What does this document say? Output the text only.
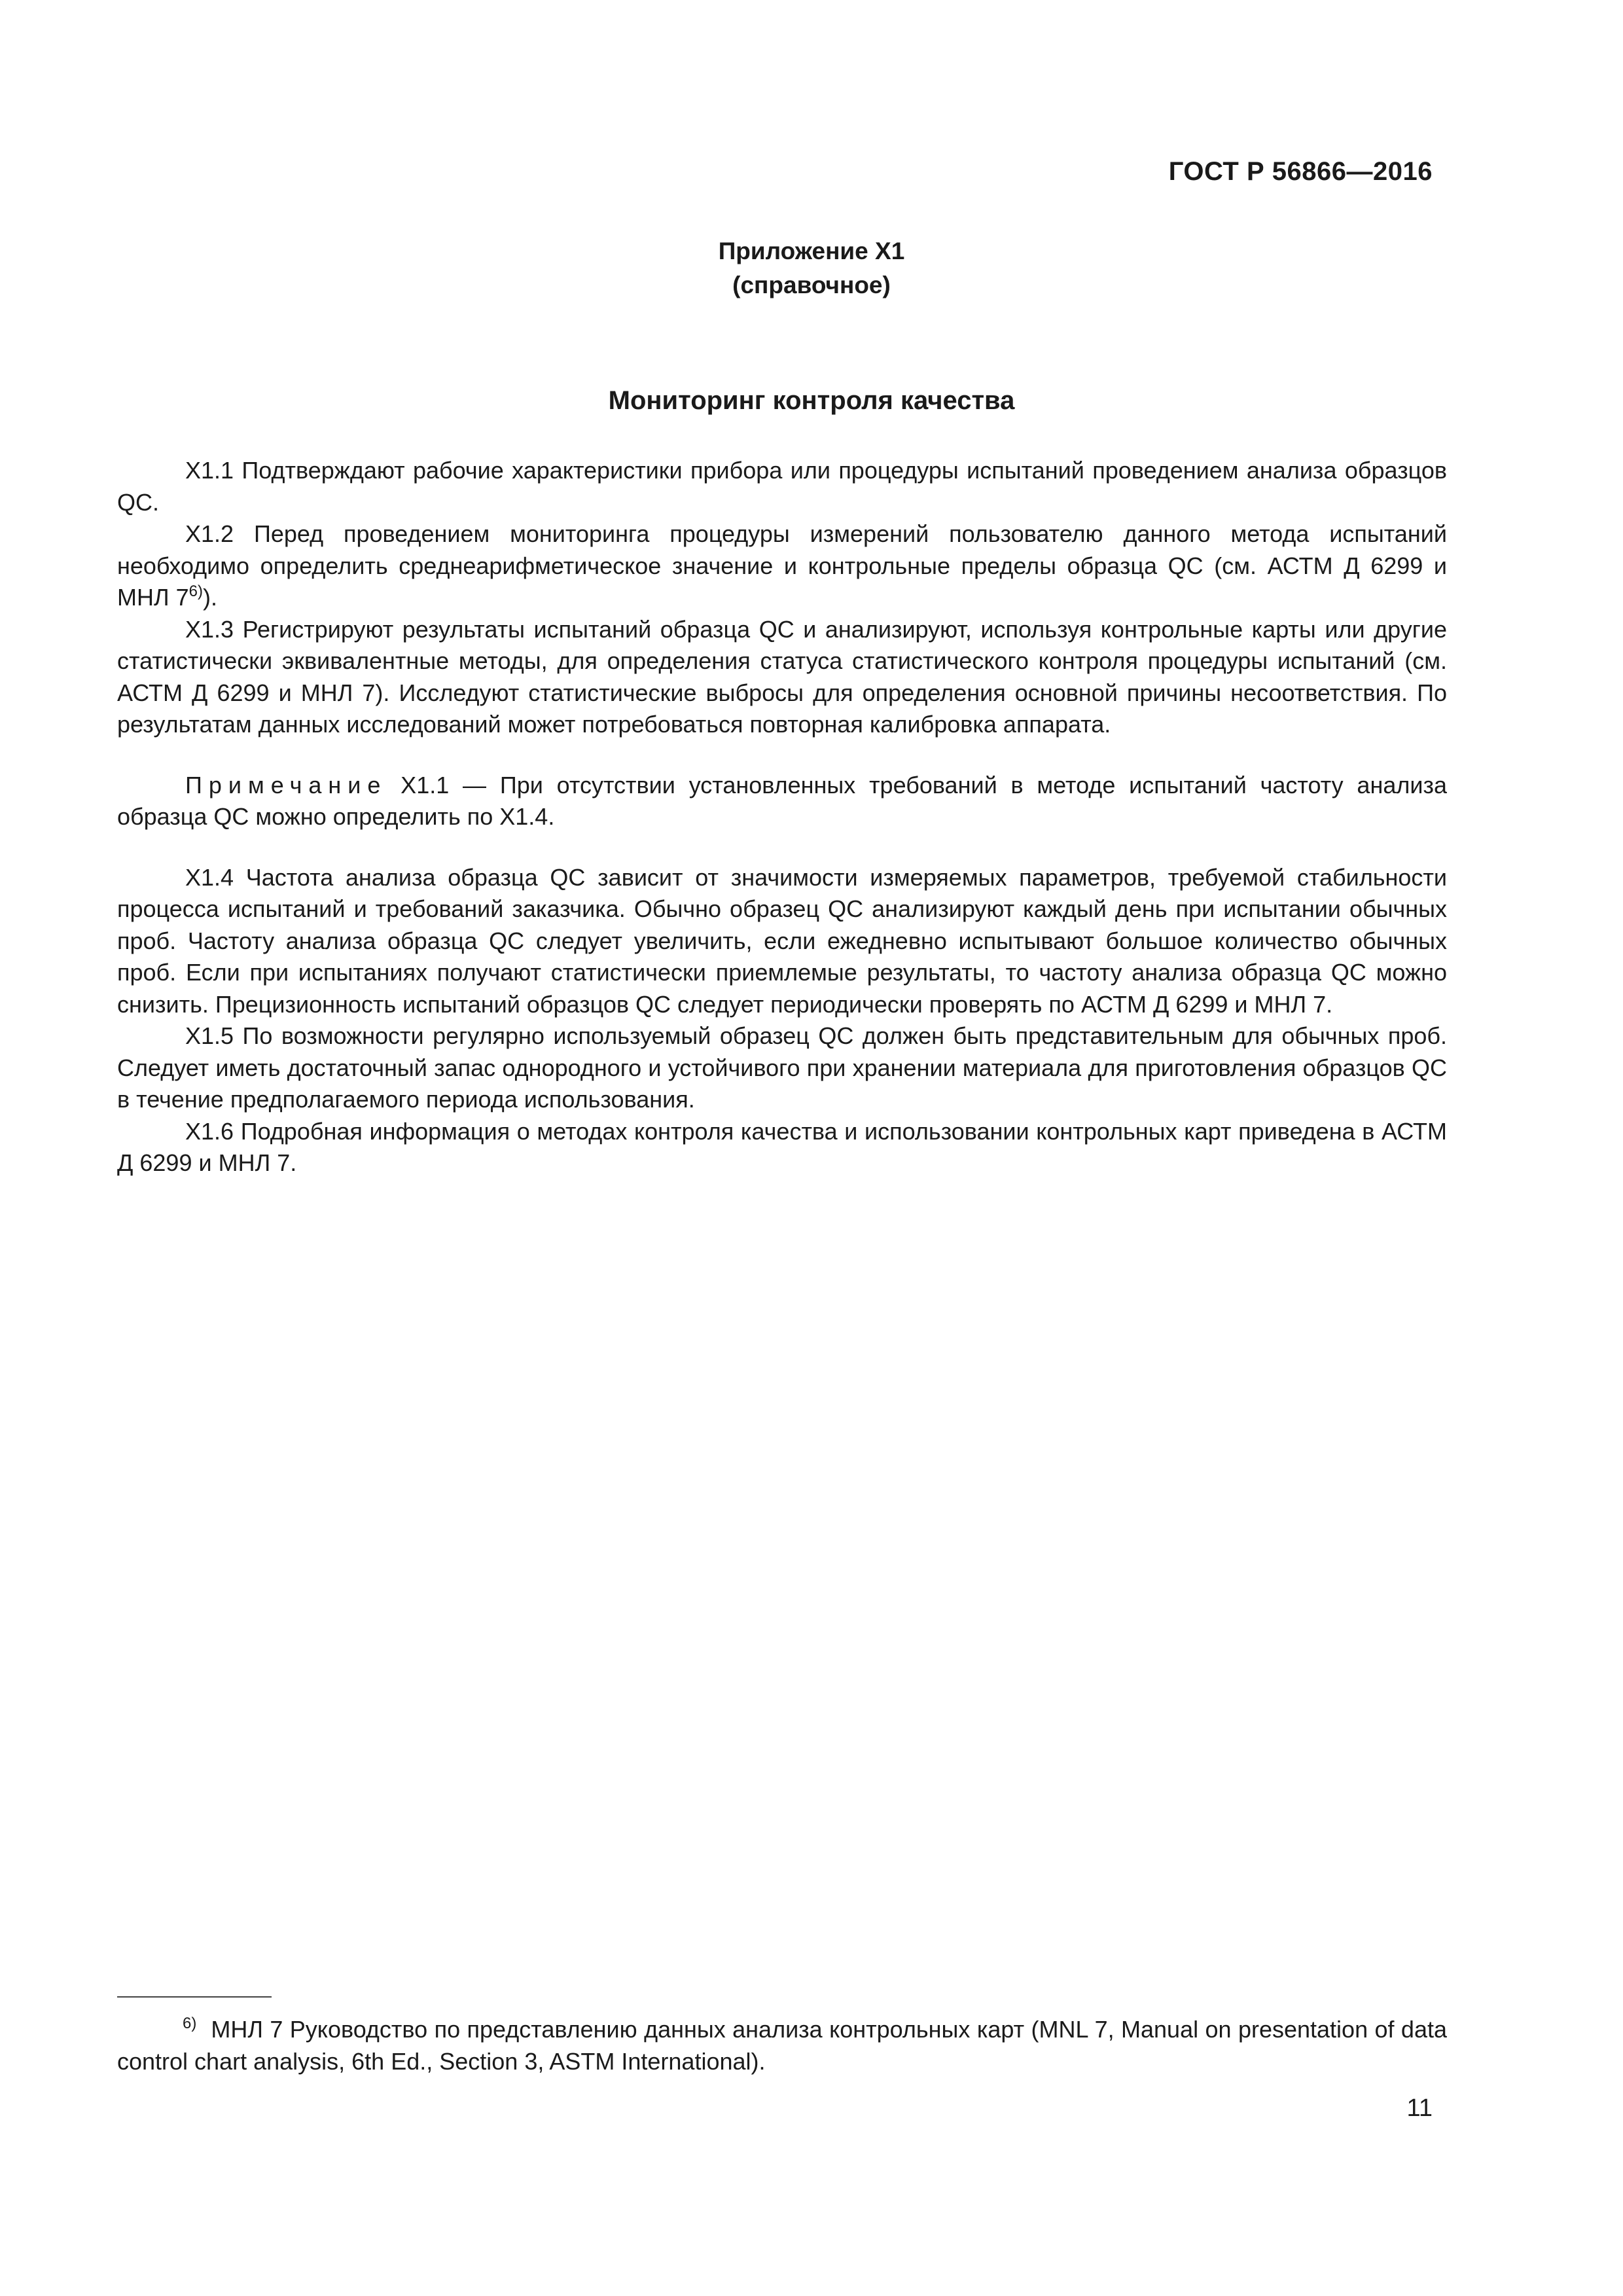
ГОСТ Р 56866—2016
Приложение X1
(справочное)
Мониторинг контроля качества

X1.1 Подтверждают рабочие характеристики прибора или процедуры испытаний проведением анализа образцов QC.

X1.2 Перед проведением мониторинга процедуры измерений пользователю данного метода испытаний необходимо определить среднеарифметическое значение и контрольные пределы образца QC (см. АСТМ Д 6299 и МНЛ 7$^{6)}$).

X1.3 Регистрируют результаты испытаний образца QC и анализируют, используя контрольные карты или другие статистически эквивалентные методы, для определения статуса статистического контроля процедуры испытаний (см. АСТМ Д 6299 и МНЛ 7). Исследуют статистические выбросы для определения основной причины несоответствия. По результатам данных исследований может потребоваться повторная калибровка аппарата.

Примечание X1.1 — При отсутствии установленных требований в методе испытаний частоту анализа образца QC можно определить по X1.4.

X1.4 Частота анализа образца QC зависит от значимости измеряемых параметров, требуемой стабильности процесса испытаний и требований заказчика. Обычно образец QC анализируют каждый день при испытании обычных проб. Частоту анализа образца QC следует увеличить, если ежедневно испытывают большое количество обычных проб. Если при испытаниях получают статистически приемлемые результаты, то частоту анализа образца QC можно снизить. Прецизионность испытаний образцов QC следует периодически проверять по АСТМ Д 6299 и МНЛ 7.

X1.5 По возможности регулярно используемый образец QC должен быть представительным для обычных проб. Следует иметь достаточный запас однородного и устойчивого при хранении материала для приготовления образцов QC в течение предполагаемого периода использования.

X1.6 Подробная информация о методах контроля качества и использовании контрольных карт приведена в АСТМ Д 6299 и МНЛ 7.

$^{6)}$ МНЛ 7 Руководство по представлению данных анализа контрольных карт (MNL 7, Manual on presentation of data control chart analysis, 6th Ed., Section 3, ASTM International).
11
